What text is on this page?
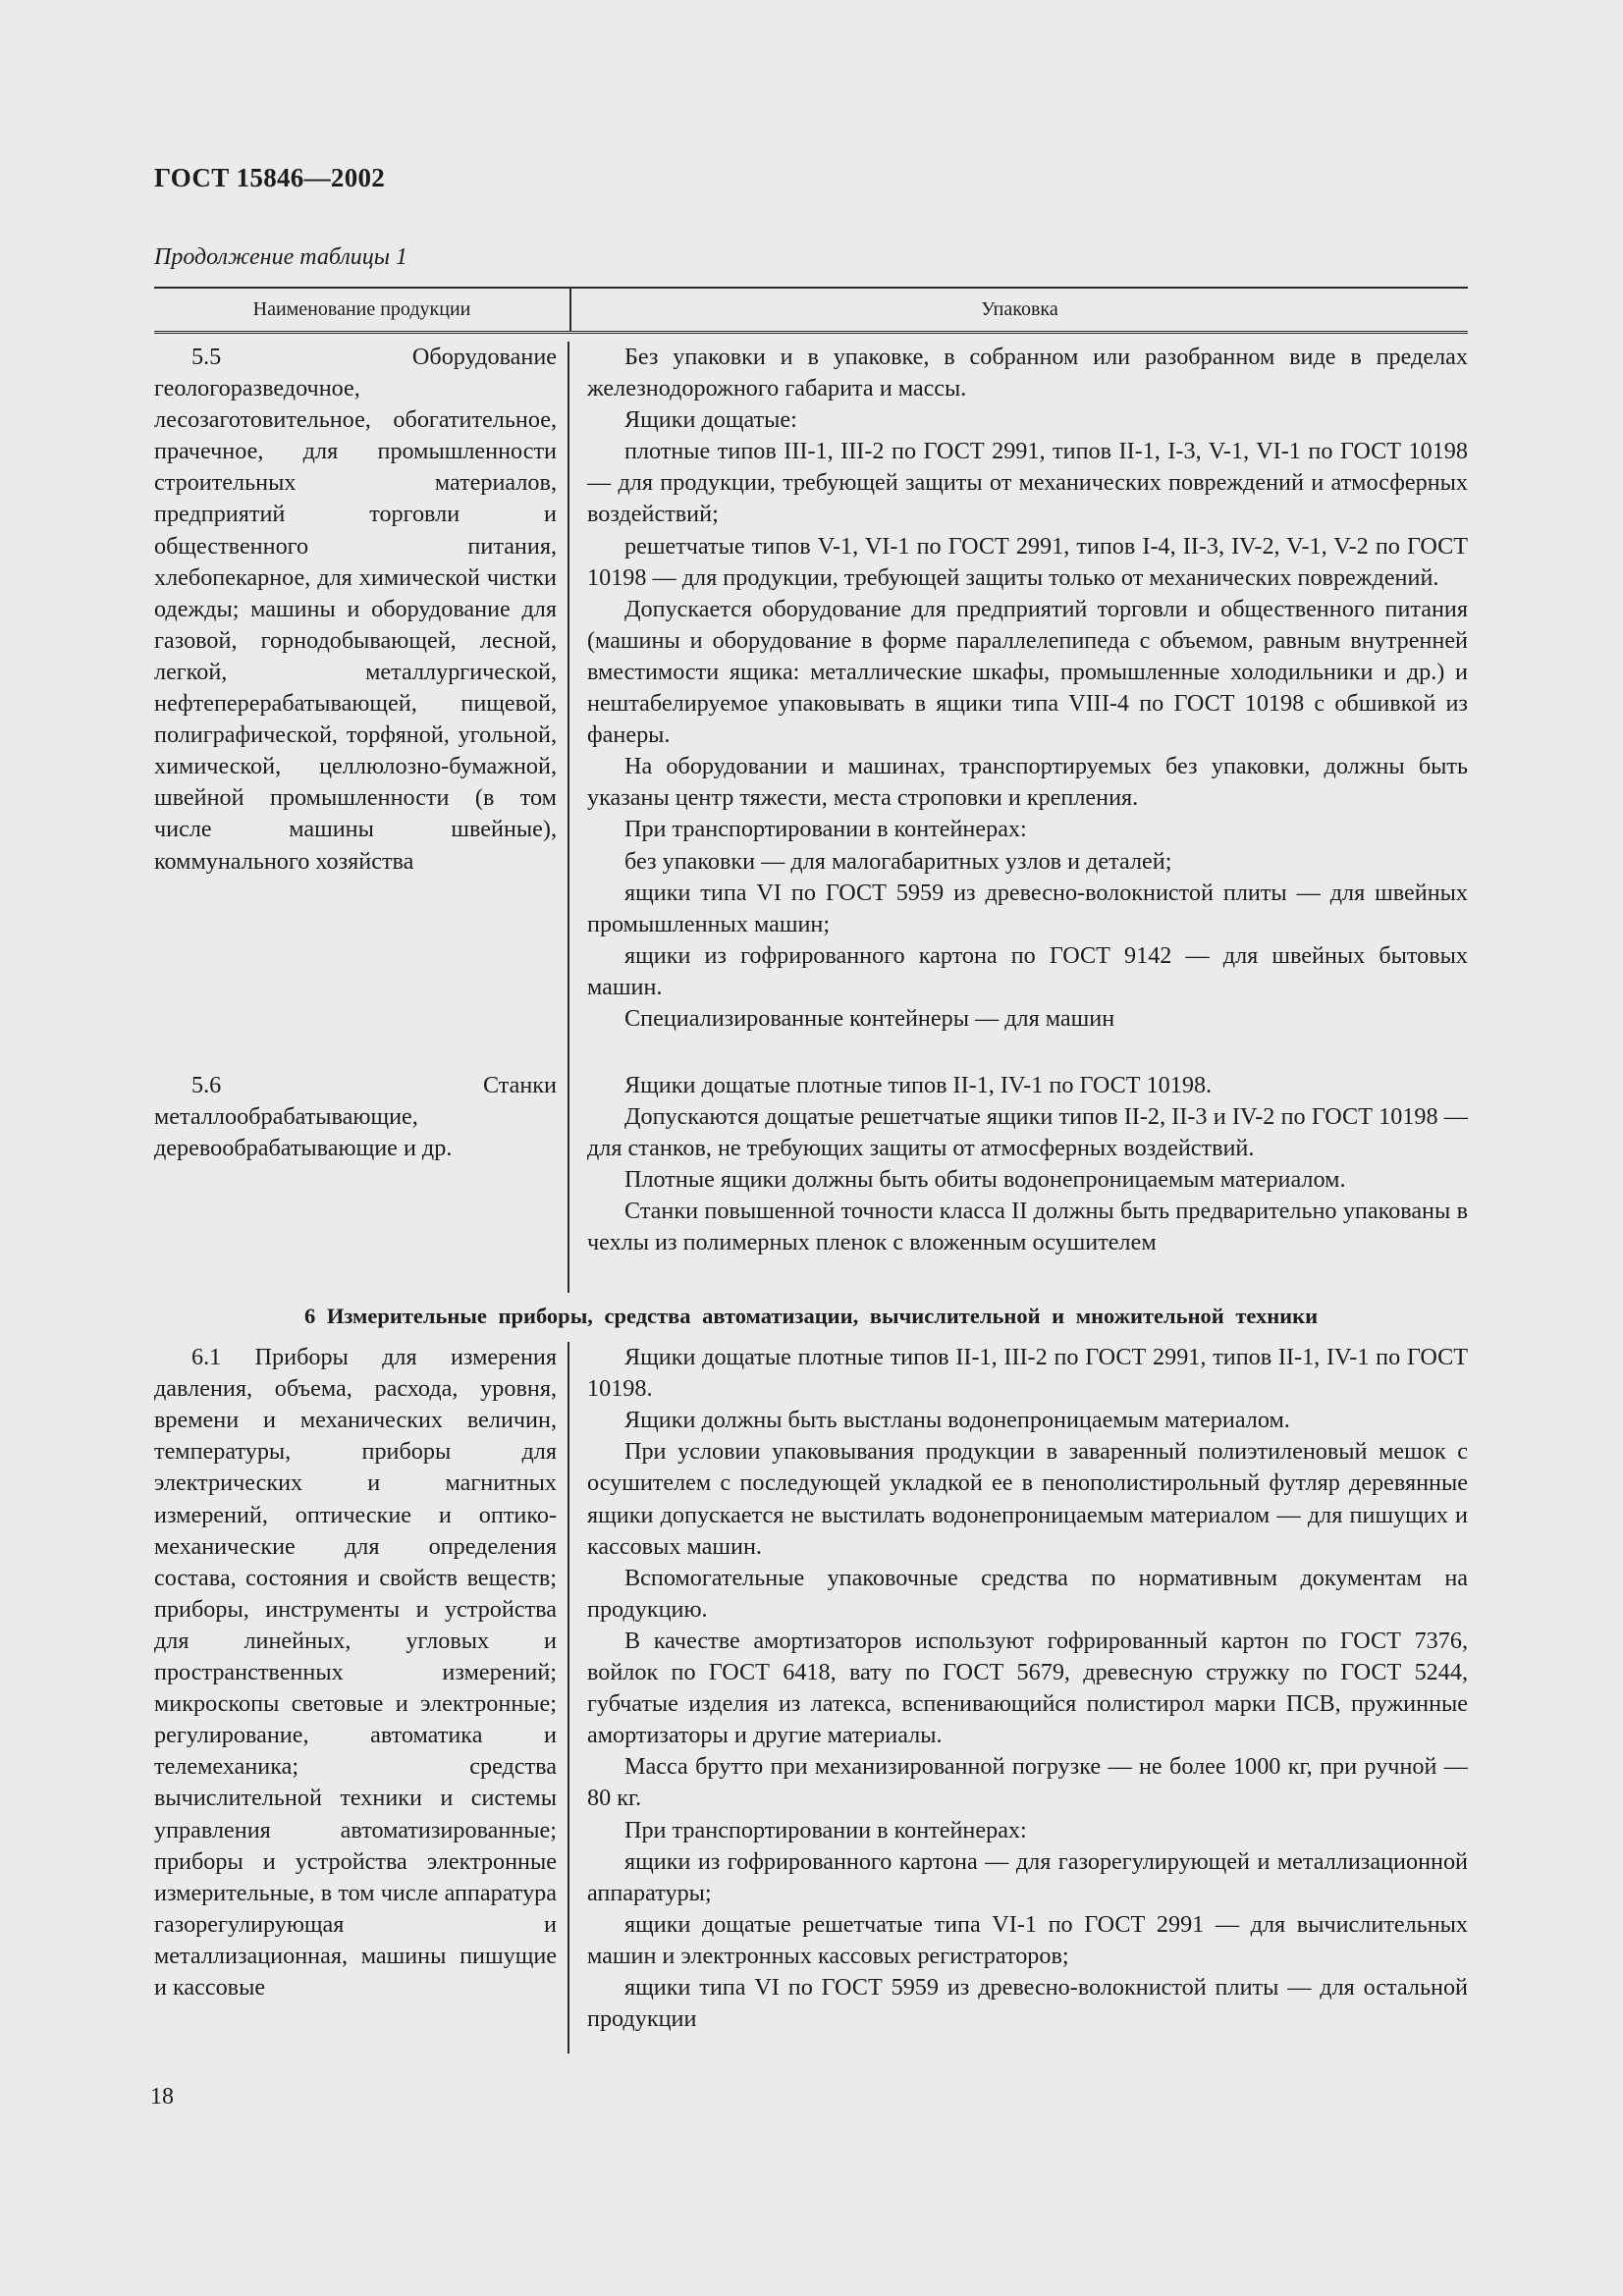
ГОСТ 15846—2002
Продолжение таблицы 1
Наименование продукции	Упаковка

5.5 Оборудование геологоразведочное, лесозаготовительное, обогатительное, прачечное, для промышленности строительных материалов, предприятий торговли и общественного питания, хлебопекарное, для химической чистки одежды; машины и оборудование для газовой, горнодобывающей, лесной, легкой, металлургической, нефтеперерабатывающей, пищевой, полиграфической, торфяной, угольной, химической, целлюлозно-бумажной, швейной промышленности (в том числе машины швейные), коммунального хозяйства

Без упаковки и в упаковке, в собранном или разобранном виде в пределах железнодорожного габарита и массы.

Ящики дощатые:

плотные типов III-1, III-2 по ГОСТ 2991, типов II-1, I-3, V-1, VI-1 по ГОСТ 10198 — для продукции, требующей защиты от механических повреждений и атмосферных воздействий;

решетчатые типов V-1, VI-1 по ГОСТ 2991, типов I-4, II-3, IV-2, V-1, V-2 по ГОСТ 10198 — для продукции, требующей защиты только от механических повреждений.

Допускается оборудование для предприятий торговли и общественного питания (машины и оборудование в форме параллелепипеда с объемом, равным внутренней вместимости ящика: металлические шкафы, промышленные холодильники и др.) и нештабелируемое упаковывать в ящики типа VIII-4 по ГОСТ 10198 с обшивкой из фанеры.

На оборудовании и машинах, транспортируемых без упаковки, должны быть указаны центр тяжести, места строповки и крепления.

При транспортировании в контейнерах:

без упаковки — для малогабаритных узлов и деталей;

ящики типа VI по ГОСТ 5959 из древесно-волокнистой плиты — для швейных промышленных машин;

ящики из гофрированного картона по ГОСТ 9142 — для швейных бытовых машин.

Специализированные контейнеры — для машин

5.6 Станки металлообрабатывающие, деревообрабатывающие и др.

Ящики дощатые плотные типов II-1, IV-1 по ГОСТ 10198.

Допускаются дощатые решетчатые ящики типов II-2, II-3 и IV-2 по ГОСТ 10198 — для станков, не требующих защиты от атмосферных воздействий.

Плотные ящики должны быть обиты водонепроницаемым материалом.

Станки повышенной точности класса II должны быть предварительно упакованы в чехлы из полимерных пленок с вложенным осушителем

6 Измерительные приборы, средства автоматизации, вычислительной и множительной техники

6.1 Приборы для измерения давления, объема, расхода, уровня, времени и механических величин, температуры, приборы для электрических и магнитных измерений, оптические и оптико-механические для определения состава, состояния и свойств веществ; приборы, инструменты и устройства для линейных, угловых и пространственных измерений; микроскопы световые и электронные; регулирование, автоматика и телемеханика; средства вычислительной техники и системы управления автоматизированные; приборы и устройства электронные измерительные, в том числе аппаратура газорегулирующая и металлизационная, машины пишущие и кассовые

Ящики дощатые плотные типов II-1, III-2 по ГОСТ 2991, типов II-1, IV-1 по ГОСТ 10198.

Ящики должны быть выстланы водонепроницаемым материалом.

При условии упаковывания продукции в заваренный полиэтиленовый мешок с осушителем с последующей укладкой ее в пенополистирольный футляр деревянные ящики допускается не выстилать водонепроницаемым материалом — для пишущих и кассовых машин.

Вспомогательные упаковочные средства по нормативным документам на продукцию.

В качестве амортизаторов используют гофрированный картон по ГОСТ 7376, войлок по ГОСТ 6418, вату по ГОСТ 5679, древесную стружку по ГОСТ 5244, губчатые изделия из латекса, вспенивающийся полистирол марки ПСВ, пружинные амортизаторы и другие материалы.

Масса брутто при механизированной погрузке — не более 1000 кг, при ручной — 80 кг.

При транспортировании в контейнерах:

ящики из гофрированного картона — для газорегулирующей и металлизационной аппаратуры;

ящики дощатые решетчатые типа VI-1 по ГОСТ 2991 — для вычислительных машин и электронных кассовых регистраторов;

ящики типа VI по ГОСТ 5959 из древесно-волокнистой плиты — для остальной продукции

18
